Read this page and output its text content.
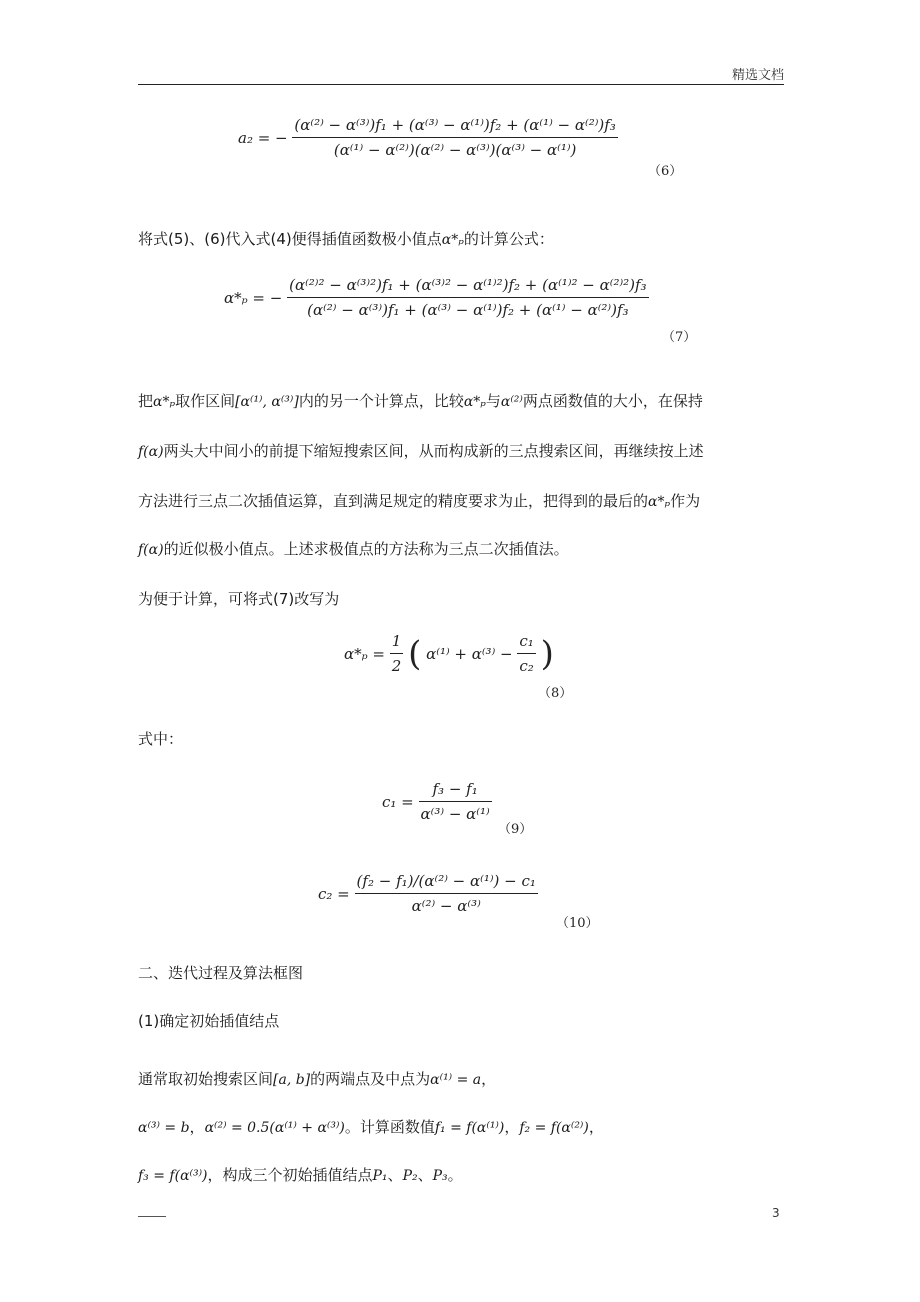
精选文档
a₂ = − $\frac{\text{(α⁽²⁾ − α⁽³⁾)f₁ + (α⁽³⁾ − α⁽¹⁾)f₂ + (α⁽¹⁾ − α⁽²⁾)f₃}}{\text{(α⁽¹⁾ − α⁽²⁾)(α⁽²⁾ − α⁽³⁾)(α⁽³⁾ − α⁽¹⁾)}}$
（6）
将式(5)、(6)代入式(4)便得插值函数极小值点α*ₚ的计算公式：
α*ₚ = − $\frac{\text{(α⁽²⁾² − α⁽³⁾²)f₁ + (α⁽³⁾² − α⁽¹⁾²)f₂ + (α⁽¹⁾² − α⁽²⁾²)f₃}}{\text{(α⁽²⁾ − α⁽³⁾)f₁ + (α⁽³⁾ − α⁽¹⁾)f₂ + (α⁽¹⁾ − α⁽²⁾)f₃}}$
（7）
把α*ₚ取作区间[α⁽¹⁾, α⁽³⁾]内的另一个计算点，比较α*ₚ与α⁽²⁾两点函数值的大小，在保持
f(α)两头大中间小的前提下缩短搜索区间，从而构成新的三点搜索区间，再继续按上述
方法进行三点二次插值运算，直到满足规定的精度要求为止，把得到的最后的α*ₚ作为
f(α)的近似极小值点。上述求极值点的方法称为三点二次插值法。
为便于计算，可将式(7)改写为
$\alpha*_p = \frac{1}{2}$ ( $\alpha^{(1)} + \alpha^{(3)} - \frac{\text{c₁}}{\text{c₂}}$ )
（8）
式中：
$c_1 = \frac{\text{f₃ − f₁}}{\text{α⁽³⁾ − α⁽¹⁾}}$
（9）
$c_2 = \frac{\text{(f₂ − f₁)/(α⁽²⁾ − α⁽¹⁾) − c₁}}{\text{α⁽²⁾ − α⁽³⁾}}$
（10）
二、迭代过程及算法框图
(1)确定初始插值结点
通常取初始搜索区间[a, b]的两端点及中点为α⁽¹⁾ = a，
α⁽³⁾ = b，α⁽²⁾ = 0.5(α⁽¹⁾ + α⁽³⁾)。计算函数值f₁ = f(α⁽¹⁾)，f₂ = f(α⁽²⁾)，
f₃ = f(α⁽³⁾)，构成三个初始插值结点P₁、P₂、P₃。
3
